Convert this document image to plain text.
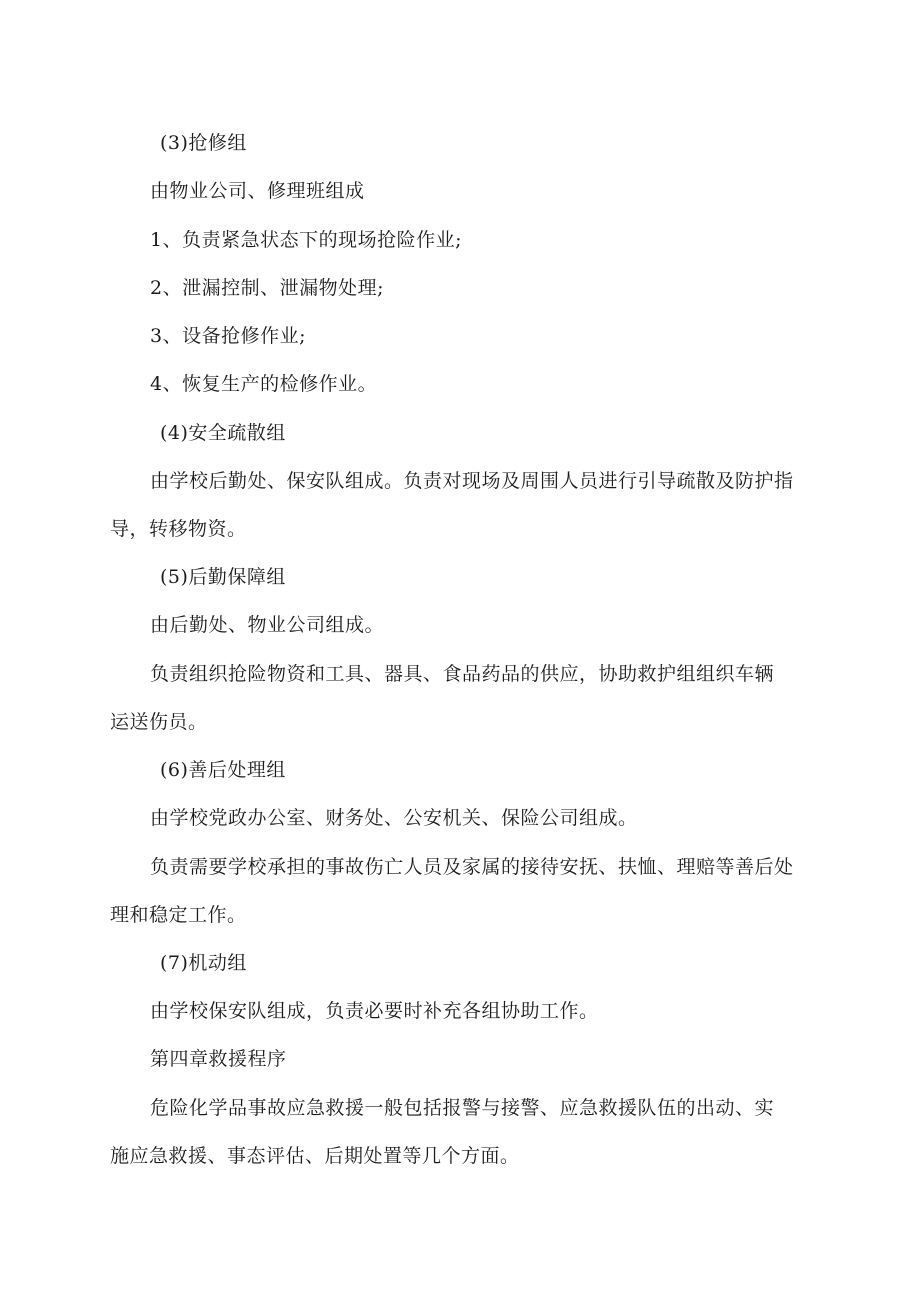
(3)抢修组
由物业公司、修理班组成
1、负责紧急状态下的现场抢险作业;
2、泄漏控制、泄漏物处理;
3、设备抢修作业;
4、恢复生产的检修作业。
(4)安全疏散组
由学校后勤处、保安队组成。负责对现场及周围人员进行引导疏散及防护指
导，转移物资。
(5)后勤保障组
由后勤处、物业公司组成。
负责组织抢险物资和工具、器具、食品药品的供应，协助救护组组织车辆
运送伤员。
(6)善后处理组
由学校党政办公室、财务处、公安机关、保险公司组成。
负责需要学校承担的事故伤亡人员及家属的接待安抚、扶恤、理赔等善后处
理和稳定工作。
(7)机动组
由学校保安队组成，负责必要时补充各组协助工作。
第四章救援程序
危险化学品事故应急救援一般包括报警与接警、应急救援队伍的出动、实
施应急救援、事态评估、后期处置等几个方面。
